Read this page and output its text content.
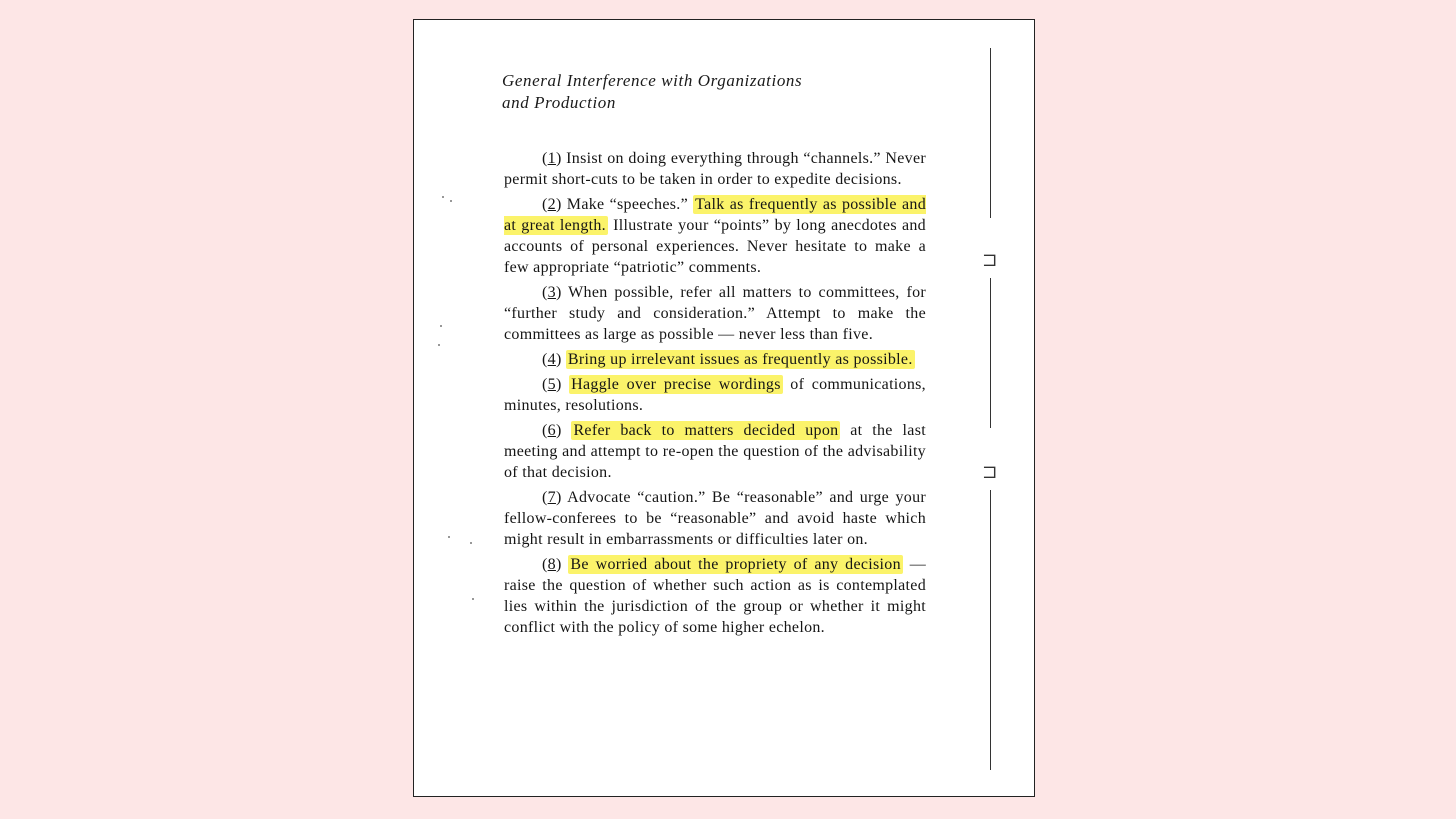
General Interference with Organizations
and Production

(1) Insist on doing everything through “channels.” Never permit short-cuts to be taken in order to expedite decisions.

(2) Make “speeches.” Talk as frequently as possible and at great length. Illustrate your “points” by long anecdotes and accounts of personal experiences. Never hesitate to make a few appropriate “patriotic” comments.

(3) When possible, refer all matters to committees, for “further study and consideration.” Attempt to make the committees as large as possible — never less than five.

(4) Bring up irrelevant issues as frequently as possible.

(5) Haggle over precise wordings of communications, minutes, resolutions.

(6) Refer back to matters decided upon at the last meeting and attempt to re-open the question of the advisability of that decision.

(7) Advocate “caution.” Be “reasonable” and urge your fellow-conferees to be “reasonable” and avoid haste which might result in embarrassments or difficulties later on.

(8) Be worried about the propriety of any decision — raise the question of whether such action as is contemplated lies within the jurisdiction of the group or whether it might conflict with the policy of some higher echelon.

⊐
⊐
